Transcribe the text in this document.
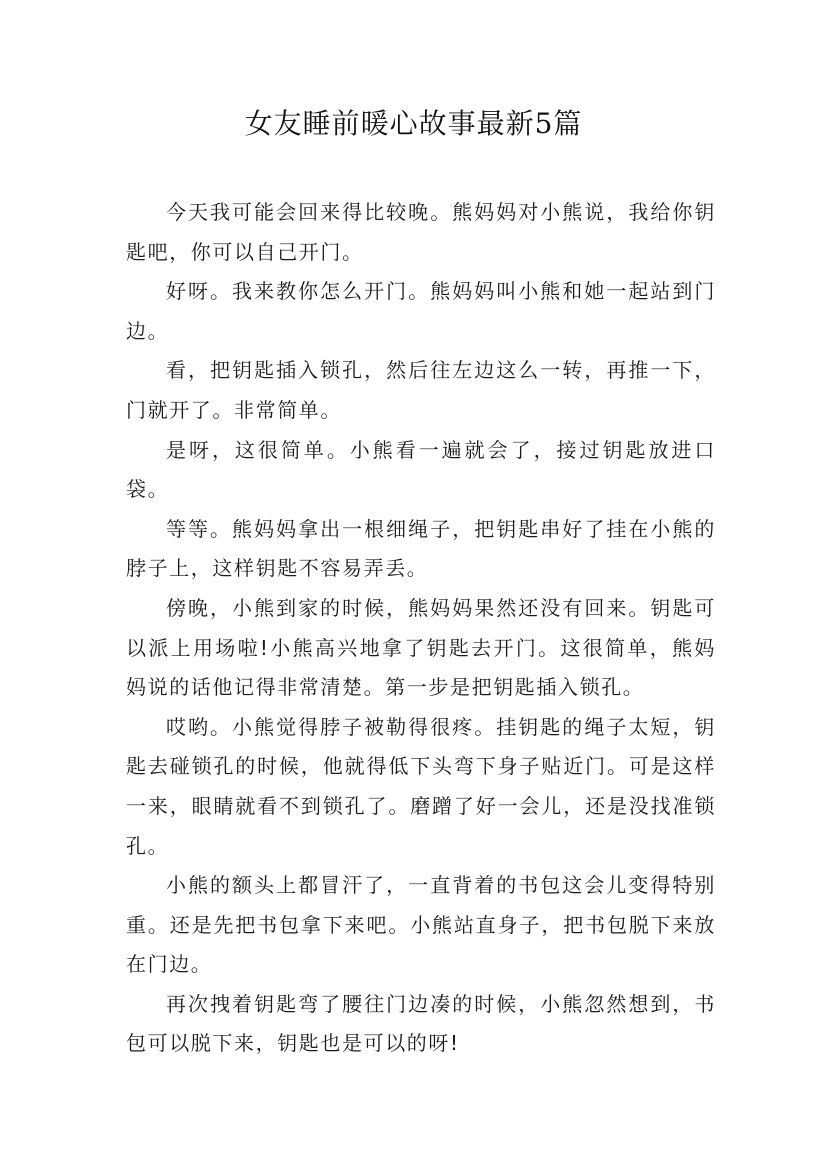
女友睡前暖心故事最新5篇

今天我可能会回来得比较晚。熊妈妈对小熊说，我给你钥匙吧，你可以自己开门。

好呀。我来教你怎么开门。熊妈妈叫小熊和她一起站到门边。

看，把钥匙插入锁孔，然后往左边这么一转，再推一下，门就开了。非常简单。

是呀，这很简单。小熊看一遍就会了，接过钥匙放进口袋。

等等。熊妈妈拿出一根细绳子，把钥匙串好了挂在小熊的脖子上，这样钥匙不容易弄丢。

傍晚，小熊到家的时候，熊妈妈果然还没有回来。钥匙可以派上用场啦!小熊高兴地拿了钥匙去开门。这很简单，熊妈妈说的话他记得非常清楚。第一步是把钥匙插入锁孔。

哎哟。小熊觉得脖子被勒得很疼。挂钥匙的绳子太短，钥匙去碰锁孔的时候，他就得低下头弯下身子贴近门。可是这样一来，眼睛就看不到锁孔了。磨蹭了好一会儿，还是没找准锁孔。

小熊的额头上都冒汗了，一直背着的书包这会儿变得特别重。还是先把书包拿下来吧。小熊站直身子，把书包脱下来放在门边。

再次拽着钥匙弯了腰往门边凑的时候，小熊忽然想到，书包可以脱下来，钥匙也是可以的呀!
